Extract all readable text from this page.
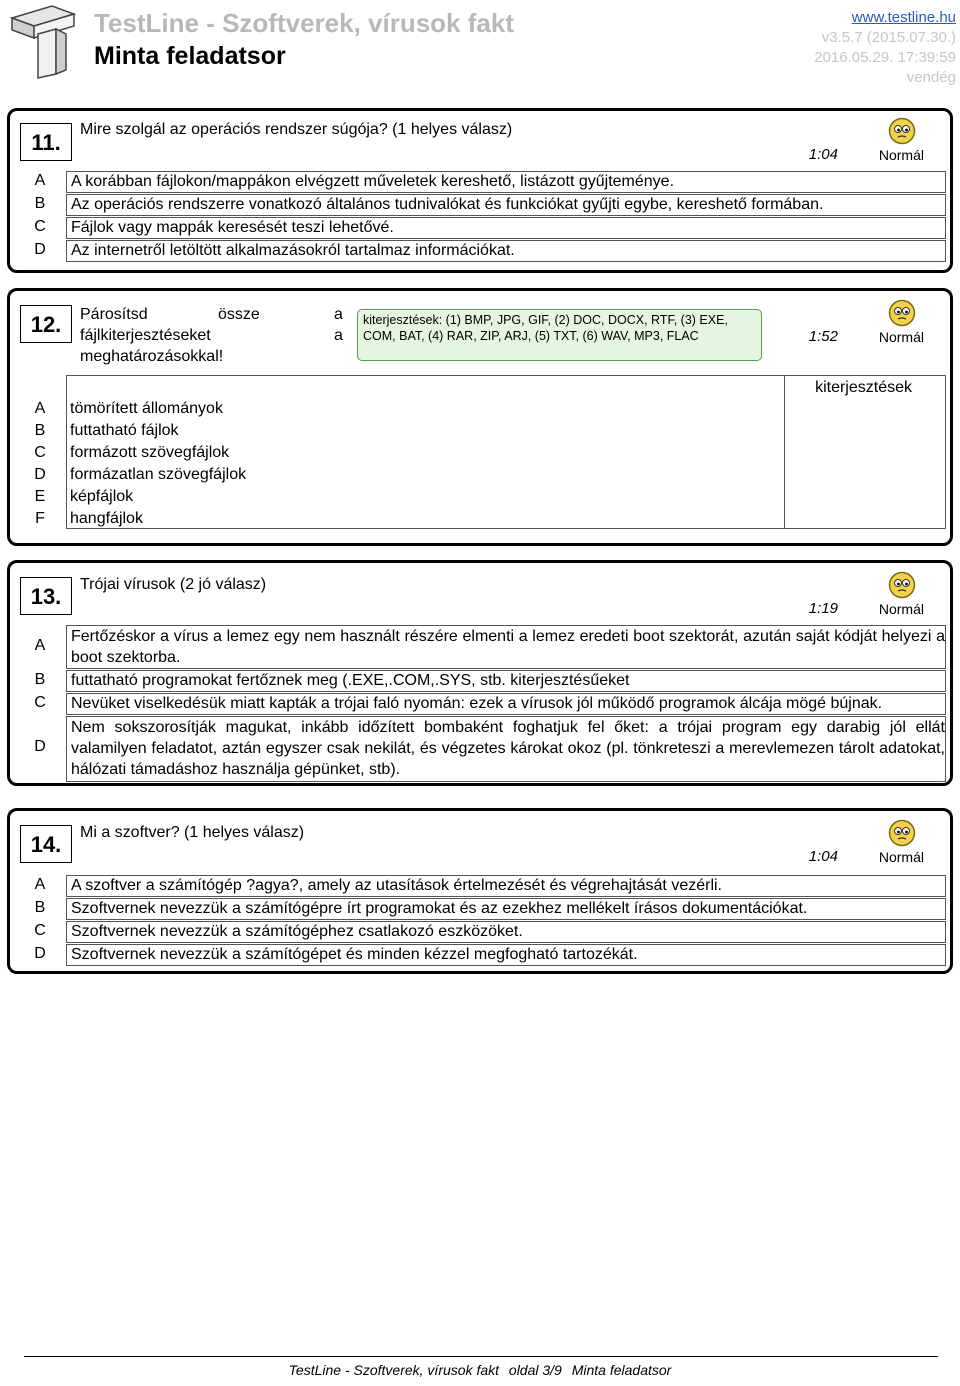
TestLine - Szoftverek, vírusok fakt
Minta feladatsor
www.testline.hu
v3.5.7 (2015.07.30.)
2016.05.29. 17:39:59
vendég
11.
Mire szolgál az operációs rendszer súgója? (1 helyes válasz)
1:04	Normál
A	A korábban fájlokon/mappákon elvégzett műveletek kereshető, listázott gyűjteménye.
B	Az operációs rendszerre vonatkozó általános tudnivalókat és funkciókat gyűjti egybe, kereshető formában.
C	Fájlok vagy mappák keresését teszi lehetővé.
D	Az internetről letöltött alkalmazásokról tartalmaz információkat.
12.	Párosítsd	össze	a
fájlkiterjesztéseket	a
meghatározásokkal!
kiterjesztések: (1) BMP, JPG, GIF, (2) DOC, DOCX, RTF, (3) EXE, COM, BAT, (4) RAR, ZIP, ARJ, (5) TXT, (6) WAV, MP3, FLAC	1:52	Normál
kiterjesztések
A	tömörített állományok
B	futtatható fájlok
C	formázott szövegfájlok
D	formázatlan szövegfájlok
E	képfájlok
F	hangfájlok
13.	Trójai vírusok (2 jó válasz)
1:19	Normál
A
Fertőzéskor a vírus a lemez egy nem használt részére elmenti a lemez eredeti boot szektorát, azután saját kódját helyezi a boot szektorba.
B	futtatható programokat fertőznek meg (.EXE,.COM,.SYS, stb. kiterjesztésűeket
C	Nevüket viselkedésük miatt kapták a trójai faló nyomán: ezek a vírusok jól működő programok álcája mögé bújnak.
D
Nem sokszorosítják magukat, inkább időzített bombaként foghatjuk fel őket: a trójai program egy darabig jól ellát valamilyen feladatot, aztán egyszer csak nekilát, és végzetes károkat okoz (pl. tönkreteszi a merevlemezen tárolt adatokat, hálózati támadáshoz használja gépünket, stb).
14.	Mi a szoftver? (1 helyes válasz)
1:04	Normál
A	A szoftver a számítógép ?agya?, amely az utasítások értelmezését és végrehajtását vezérli.
B	Szoftvernek nevezzük a számítógépre írt programokat és az ezekhez mellékelt írásos dokumentációkat.
C	Szoftvernek nevezzük a számítógéphez csatlakozó eszközöket.
D	Szoftvernek nevezzük a számítógépet és minden kézzel megfogható tartozékát.
TestLine - Szoftverek, vírusok fakt oldal 3/9 Minta feladatsor
